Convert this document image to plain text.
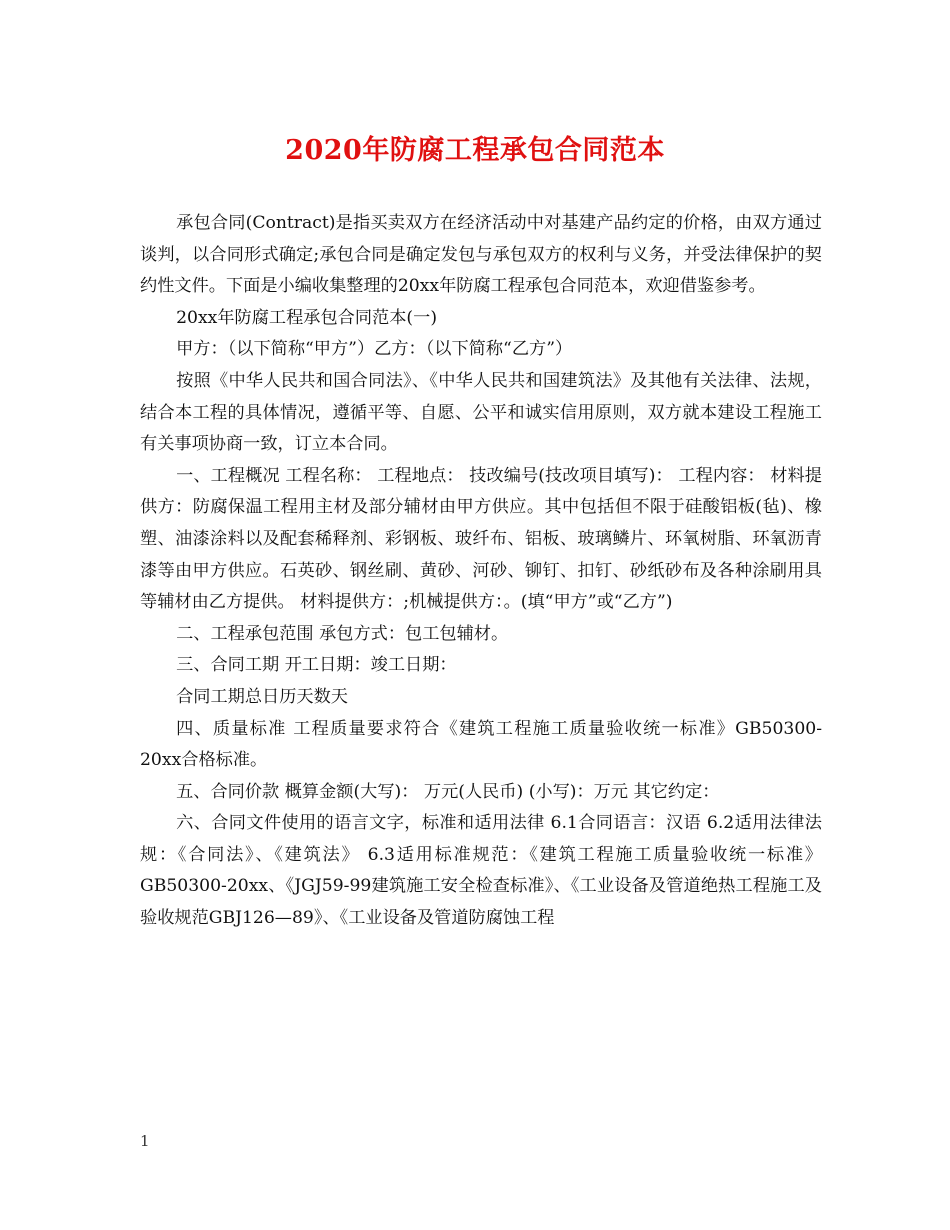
2020年防腐工程承包合同范本

承包合同(Contract)是指买卖双方在经济活动中对基建产品约定的价格，由双方通过谈判，以合同形式确定;承包合同是确定发包与承包双方的权利与义务，并受法律保护的契约性文件。下面是小编收集整理的20xx年防腐工程承包合同范本，欢迎借鉴参考。

20xx年防腐工程承包合同范本(一)

甲方：（以下简称“甲方”）乙方：（以下简称“乙方”）

按照《中华人民共和国合同法》、《中华人民共和国建筑法》及其他有关法律、法规，结合本工程的具体情况，遵循平等、自愿、公平和诚实信用原则，双方就本建设工程施工有关事项协商一致，订立本合同。

一、工程概况 工程名称： 工程地点： 技改编号(技改项目填写)： 工程内容： 材料提供方：防腐保温工程用主材及部分辅材由甲方供应。其中包括但不限于硅酸铝板(毡)、橡塑、油漆涂料以及配套稀释剂、彩钢板、玻纤布、铝板、玻璃鳞片、环氧树脂、环氧沥青漆等由甲方供应。石英砂、钢丝刷、黄砂、河砂、铆钉、扣钉、砂纸砂布及各种涂刷用具等辅材由乙方提供。 材料提供方：;机械提供方：。(填“甲方”或“乙方”)

二、工程承包范围 承包方式：包工包辅材。

三、合同工期 开工日期：竣工日期：

合同工期总日历天数天

四、质量标准 工程质量要求符合《建筑工程施工质量验收统一标准》GB50300-20xx合格标准。

五、合同价款 概算金额(大写)： 万元(人民币) (小写)：万元 其它约定：

六、合同文件使用的语言文字，标准和适用法律 6.1合同语言：汉语 6.2适用法律法规：《合同法》、《建筑法》 6.3适用标准规范：《建筑工程施工质量验收统一标准》GB50300-20xx、《JGJ59-99建筑施工安全检查标准》、《工业设备及管道绝热工程施工及验收规范GBJ126—89》、《工业设备及管道防腐蚀工程

1
